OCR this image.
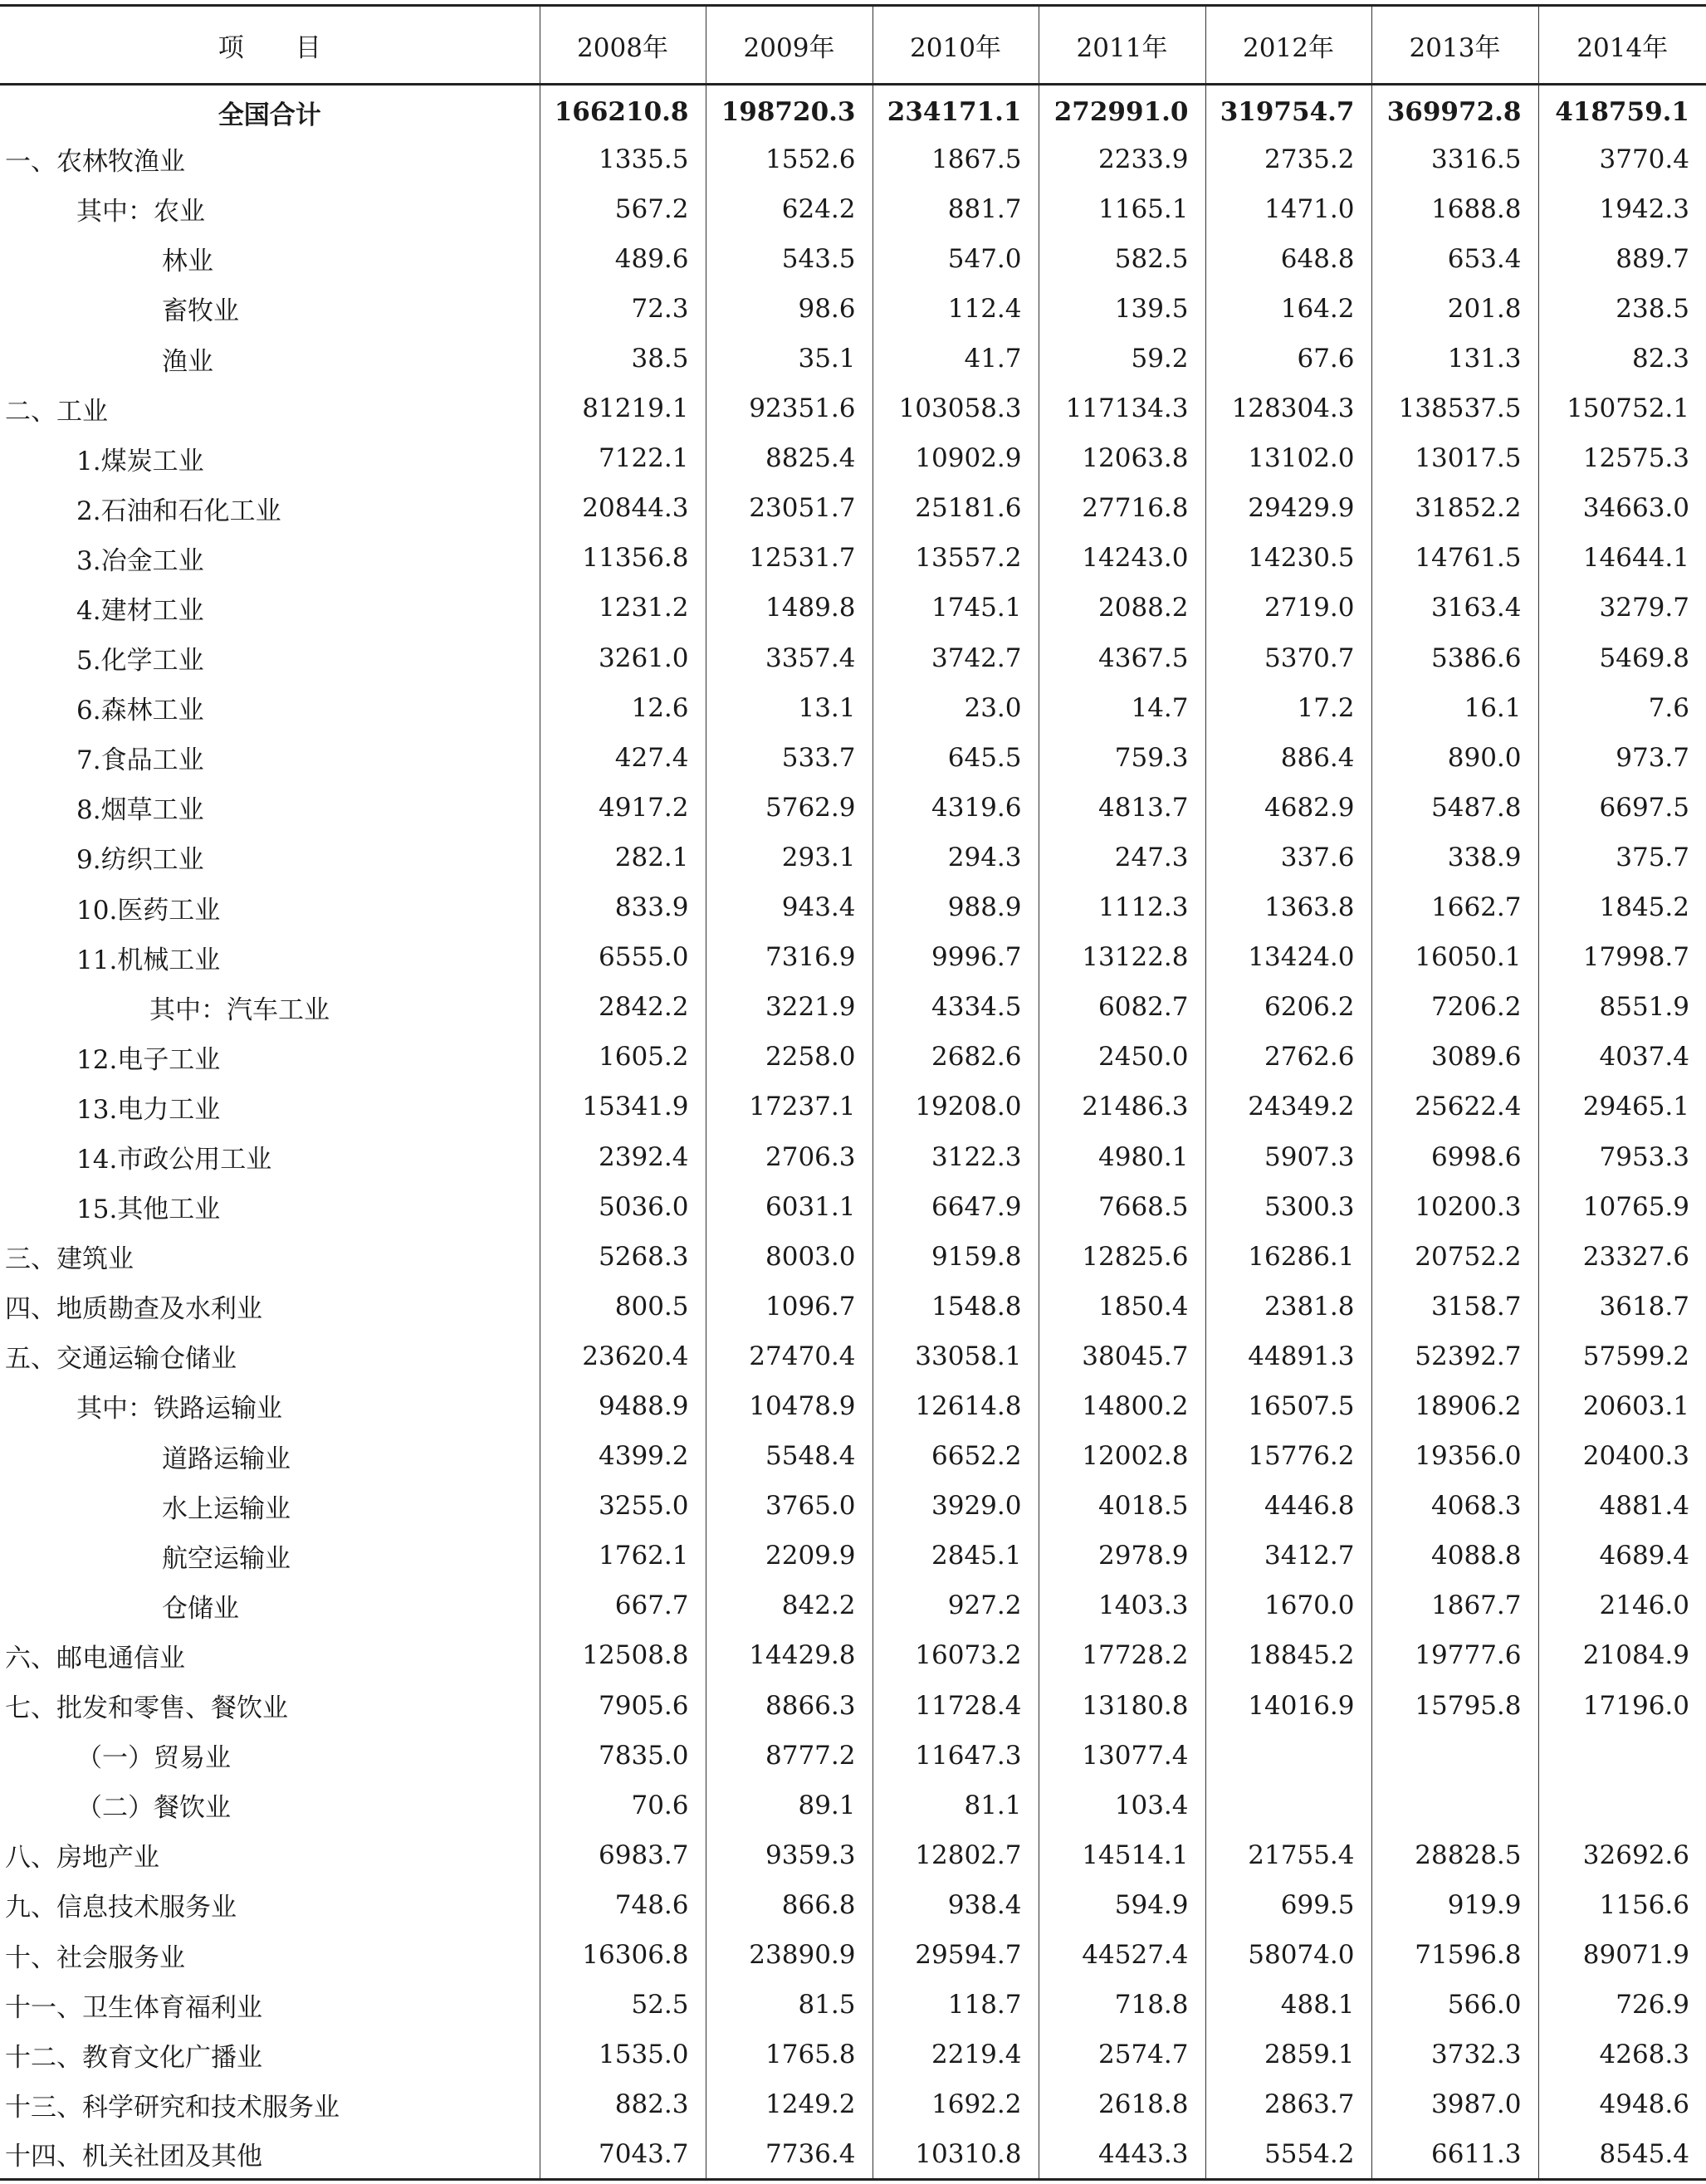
项　　目	2008年	2009年	2010年	2011年	2012年	2013年	2014年
全国合计	166210.8	198720.3	234171.1	272991.0	319754.7	369972.8	418759.1
一、农林牧渔业	1335.5	1552.6	1867.5	2233.9	2735.2	3316.5	3770.4
其中：农业	567.2	624.2	881.7	1165.1	1471.0	1688.8	1942.3
林业	489.6	543.5	547.0	582.5	648.8	653.4	889.7
畜牧业	72.3	98.6	112.4	139.5	164.2	201.8	238.5
渔业	38.5	35.1	41.7	59.2	67.6	131.3	82.3
二、工业	81219.1	92351.6	103058.3	117134.3	128304.3	138537.5	150752.1
1.煤炭工业	7122.1	8825.4	10902.9	12063.8	13102.0	13017.5	12575.3
2.石油和石化工业	20844.3	23051.7	25181.6	27716.8	29429.9	31852.2	34663.0
3.冶金工业	11356.8	12531.7	13557.2	14243.0	14230.5	14761.5	14644.1
4.建材工业	1231.2	1489.8	1745.1	2088.2	2719.0	3163.4	3279.7
5.化学工业	3261.0	3357.4	3742.7	4367.5	5370.7	5386.6	5469.8
6.森林工业	12.6	13.1	23.0	14.7	17.2	16.1	7.6
7.食品工业	427.4	533.7	645.5	759.3	886.4	890.0	973.7
8.烟草工业	4917.2	5762.9	4319.6	4813.7	4682.9	5487.8	6697.5
9.纺织工业	282.1	293.1	294.3	247.3	337.6	338.9	375.7
10.医药工业	833.9	943.4	988.9	1112.3	1363.8	1662.7	1845.2
11.机械工业	6555.0	7316.9	9996.7	13122.8	13424.0	16050.1	17998.7
其中：汽车工业	2842.2	3221.9	4334.5	6082.7	6206.2	7206.2	8551.9
12.电子工业	1605.2	2258.0	2682.6	2450.0	2762.6	3089.6	4037.4
13.电力工业	15341.9	17237.1	19208.0	21486.3	24349.2	25622.4	29465.1
14.市政公用工业	2392.4	2706.3	3122.3	4980.1	5907.3	6998.6	7953.3
15.其他工业	5036.0	6031.1	6647.9	7668.5	5300.3	10200.3	10765.9
三、建筑业	5268.3	8003.0	9159.8	12825.6	16286.1	20752.2	23327.6
四、地质勘查及水利业	800.5	1096.7	1548.8	1850.4	2381.8	3158.7	3618.7
五、交通运输仓储业	23620.4	27470.4	33058.1	38045.7	44891.3	52392.7	57599.2
其中：铁路运输业	9488.9	10478.9	12614.8	14800.2	16507.5	18906.2	20603.1
道路运输业	4399.2	5548.4	6652.2	12002.8	15776.2	19356.0	20400.3
水上运输业	3255.0	3765.0	3929.0	4018.5	4446.8	4068.3	4881.4
航空运输业	1762.1	2209.9	2845.1	2978.9	3412.7	4088.8	4689.4
仓储业	667.7	842.2	927.2	1403.3	1670.0	1867.7	2146.0
六、邮电通信业	12508.8	14429.8	16073.2	17728.2	18845.2	19777.6	21084.9
七、批发和零售、餐饮业	7905.6	8866.3	11728.4	13180.8	14016.9	15795.8	17196.0
（一）贸易业	7835.0	8777.2	11647.3	13077.4			
（二）餐饮业	70.6	89.1	81.1	103.4			
八、房地产业	6983.7	9359.3	12802.7	14514.1	21755.4	28828.5	32692.6
九、信息技术服务业	748.6	866.8	938.4	594.9	699.5	919.9	1156.6
十、社会服务业	16306.8	23890.9	29594.7	44527.4	58074.0	71596.8	89071.9
十一、卫生体育福利业	52.5	81.5	118.7	718.8	488.1	566.0	726.9
十二、教育文化广播业	1535.0	1765.8	2219.4	2574.7	2859.1	3732.3	4268.3
十三、科学研究和技术服务业	882.3	1249.2	1692.2	2618.8	2863.7	3987.0	4948.6
十四、机关社团及其他	7043.7	7736.4	10310.8	4443.3	5554.2	6611.3	8545.4
